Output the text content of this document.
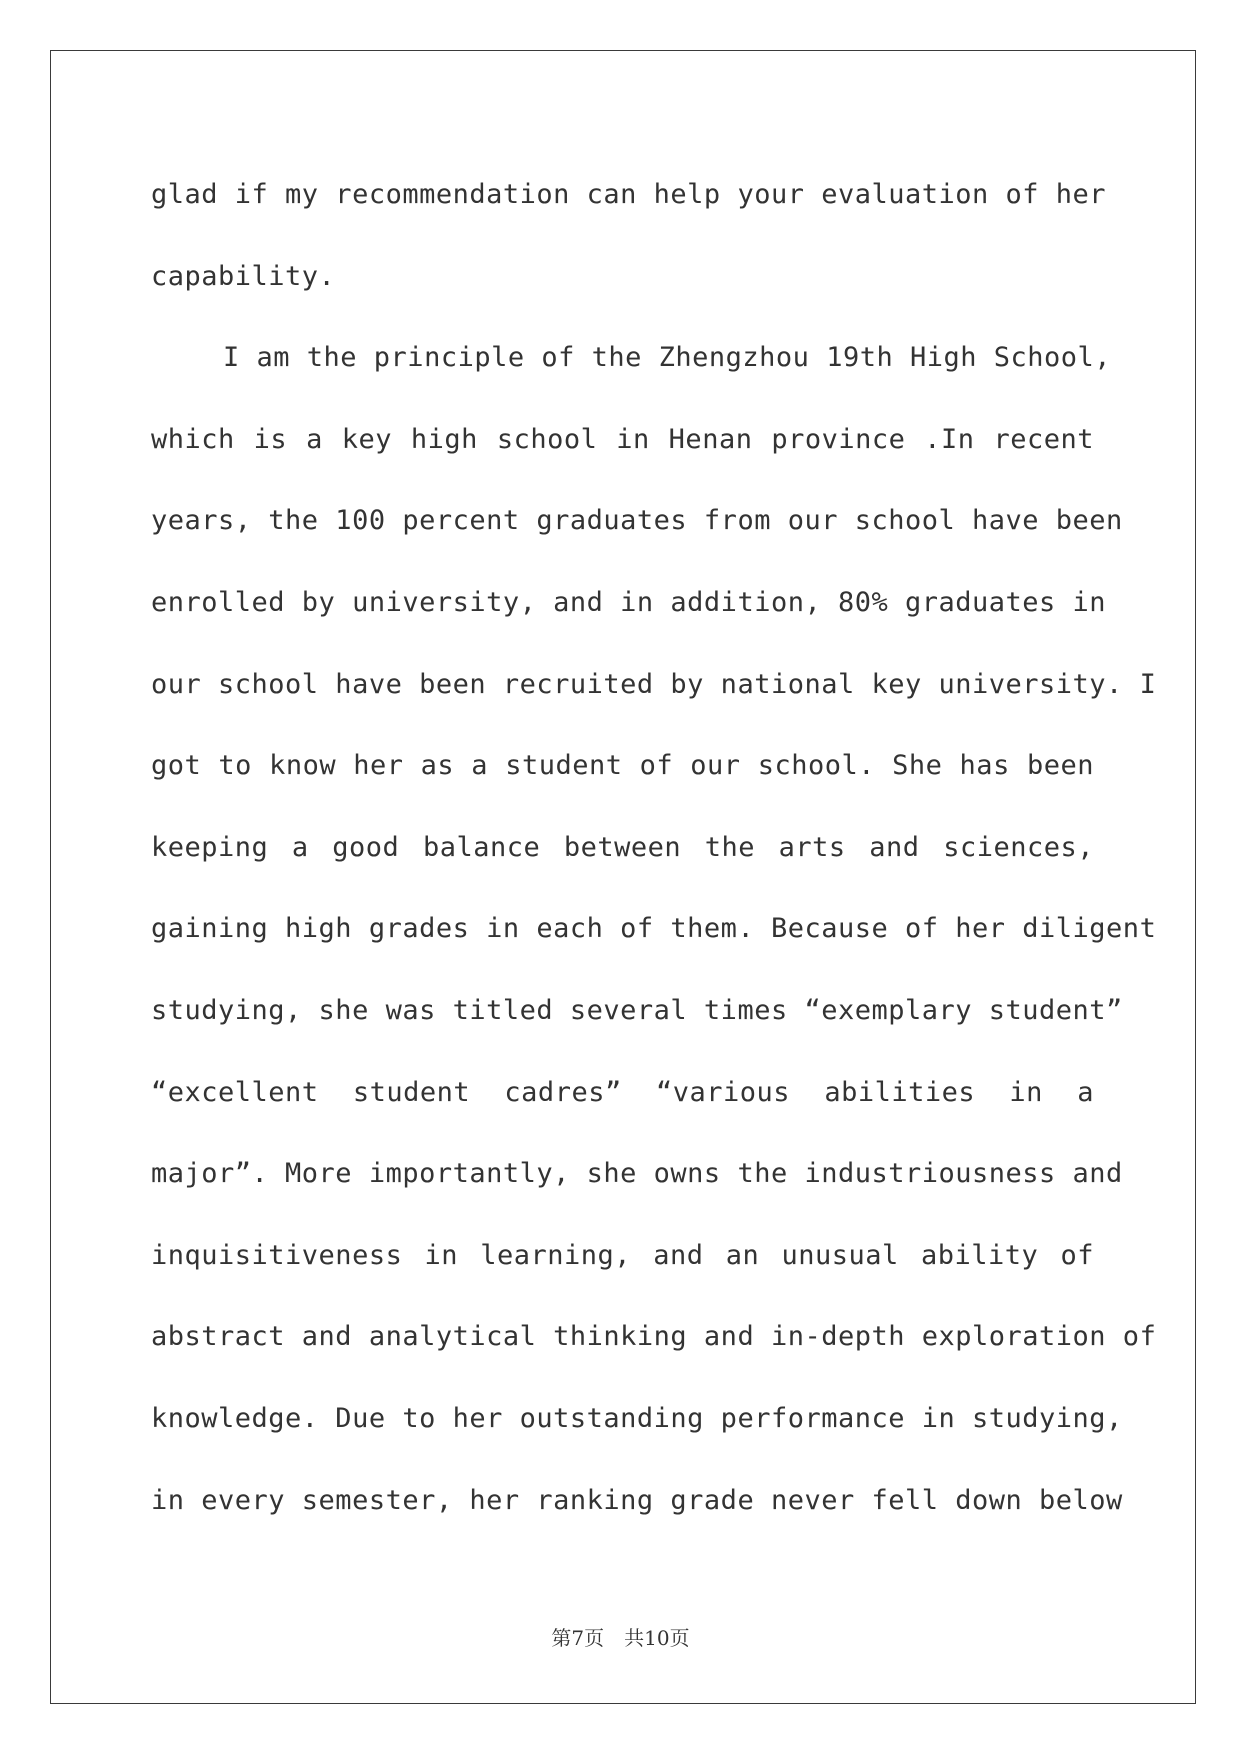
glad if my recommendation can help your evaluation of her
capability.
I am the principle of the Zhengzhou 19th High School,
which is a key high school in Henan province .In recent
years, the 100 percent graduates from our school have been
enrolled by university, and in addition, 80% graduates in
our school have been recruited by national key university. I
got to know her as a student of our school. She has been
keeping a good balance between the arts and sciences,
gaining high grades in each of them. Because of her diligent
studying, she was titled several times “exemplary student”
“excellent student cadres” “various abilities in a
major”. More importantly, she owns the industriousness and
inquisitiveness in learning, and an unusual ability of
abstract and analytical thinking and in-depth exploration of
knowledge. Due to her outstanding performance in studying,
in every semester, her ranking grade never fell down below
第7页　共10页
